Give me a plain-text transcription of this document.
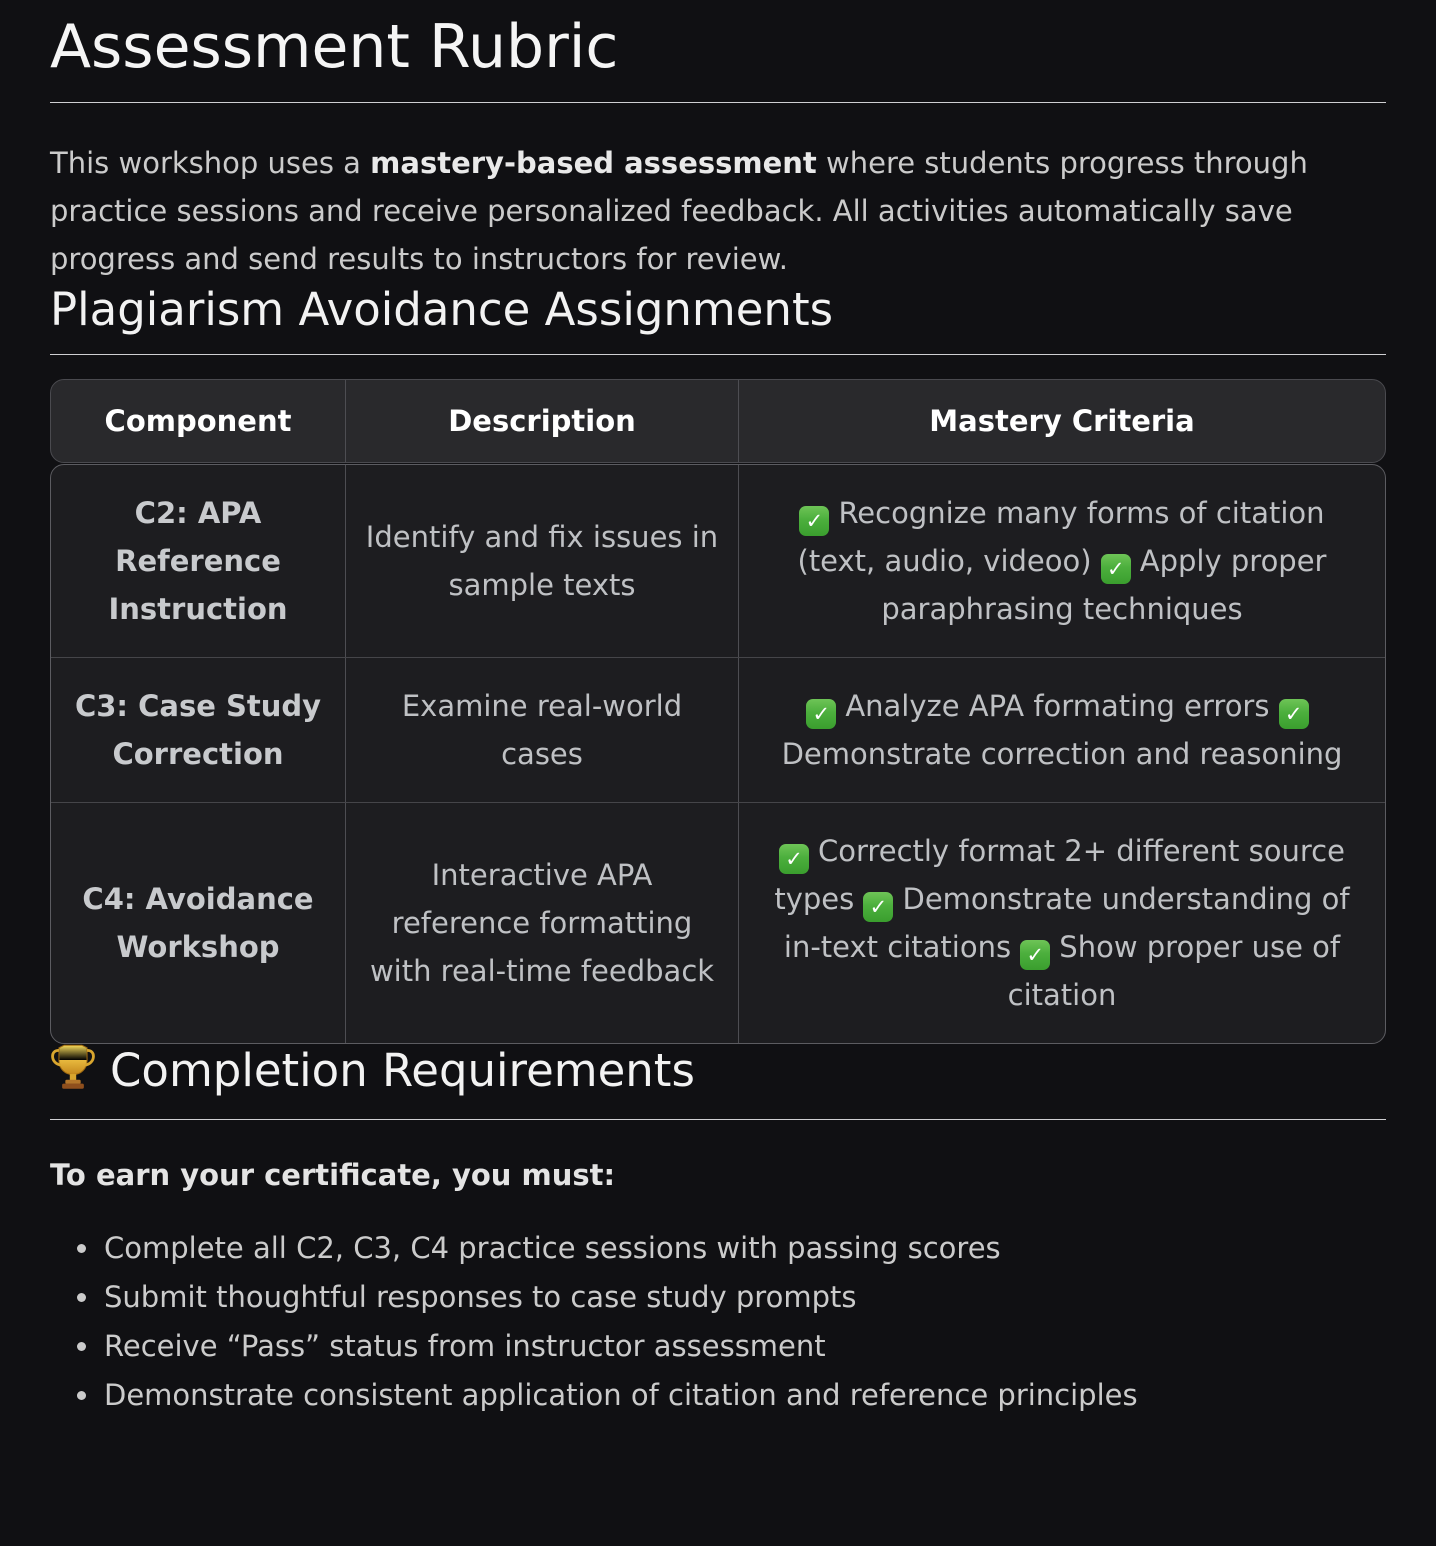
Assessment Rubric

This workshop uses a mastery-based assessment where students progress through practice sessions and receive personalized feedback. All activities automatically save progress and send results to instructors for review.

Plagiarism Avoidance Assignments
Component	Description	Mastery Criteria
C2: APA Reference Instruction
Identify and fix issues in sample texts
✓ Recognize many forms of citation (text, audio, videoo) ✓ Apply proper paraphrasing techniques
C3: Case Study Correction
Examine real-world cases
✓ Analyze APA formating errors ✓Demonstrate correction and reasoning
C4: Avoidance Workshop
Interactive APA reference formatting with real-time feedback
✓ Correctly format 2+ different source types ✓ Demonstrate understanding of in-text citations ✓ Show proper use of citation
Completion Requirements

To earn your certificate, you must:

• Complete all C2, C3, C4 practice sessions with passing scores
• Submit thoughtful responses to case study prompts
• Receive “Pass” status from instructor assessment
• Demonstrate consistent application of citation and reference principles
